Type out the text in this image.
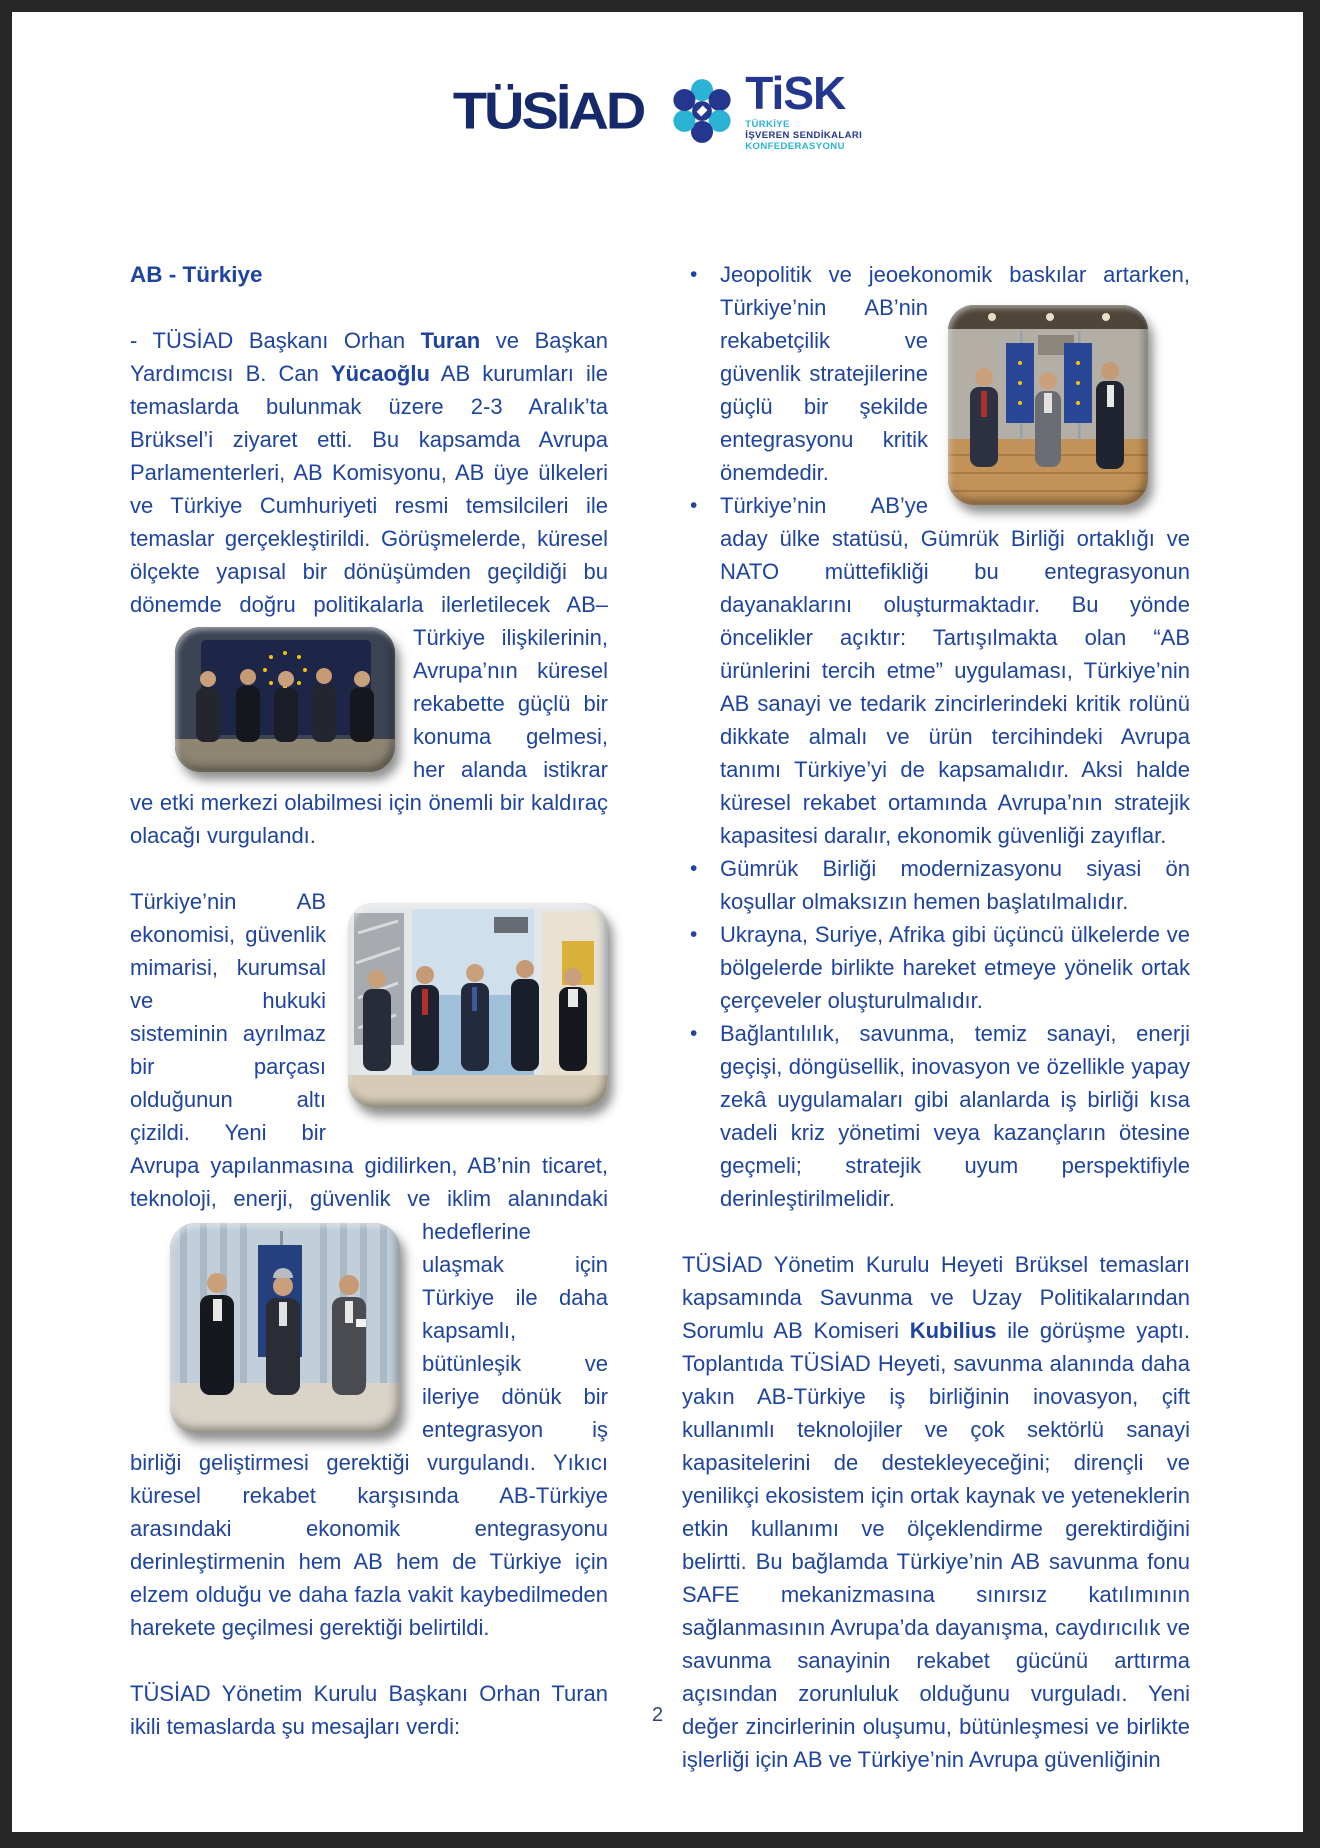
TÜSİAD TiSK
TÜRKİYE
İŞVEREN SENDİKALARI
KONFEDERASYONU
AB - Türkiye

- TÜSİAD Başkanı Orhan Turan ve Başkan Yardımcısı B. Can Yücaoğlu AB kurumları ile temaslarda bulunmak üzere 2-3 Aralık’ta Brüksel’i ziyaret etti. Bu kapsamda Avrupa Parlamenterleri, AB Komisyonu, AB üye ülkeleri ve Türkiye Cumhuriyeti resmi temsilcileri ile temaslar gerçekleştirildi. Görüşmelerde, küresel ölçekte yapısal bir dönüşümden geçildiği bu dönemde doğru politikalarla ilerletilecek AB–Türkiye ilişkilerinin,
Avrupa’nın küresel rekabette güçlü bir konuma gelmesi, her alanda istikrar ve etki merkezi olabilmesi için önemli bir kaldıraç olacağı vurgulandı.

Türkiye’nin AB ekonomisi, güvenlik mimarisi, kurumsal ve hukuki sisteminin ayrılmaz bir parçası olduğunun altı çizildi. Yeni bir Avrupa yapılanmasına gidilirken, AB’nin ticaret, teknoloji, enerji, güvenlik ve iklim alanındaki hedeflerine
ulaşmak için Türkiye ile daha kapsamlı, bütünleşik ve ileriye dönük bir entegrasyon iş birliği geliştirmesi gerektiği vurgulandı. Yıkıcı küresel rekabet karşısında AB-Türkiye arasındaki ekonomik entegrasyonu derinleştirmenin hem AB hem de Türkiye için elzem olduğu ve daha fazla vakit kaybedilmeden harekete geçilmesi gerektiği belirtildi.

TÜSİAD Yönetim Kurulu Başkanı Orhan Turan ikili temaslarda şu mesajları verdi:

• Jeopolitik ve jeoekonomik baskılar artarken,
Türkiye’nin AB’nin rekabetçilik ve güvenlik stratejilerine güçlü bir şekilde entegrasyonu kritik önemdedir.
• Türkiye’nin AB’ye aday ülke statüsü, Gümrük Birliği ortaklığı ve NATO müttefikliği bu entegrasyonun dayanaklarını oluşturmaktadır. Bu yönde öncelikler açıktır: Tartışılmakta olan “AB ürünlerini tercih etme” uygulaması, Türkiye’nin AB sanayi ve tedarik zincirlerindeki kritik rolünü dikkate almalı ve ürün tercihindeki Avrupa tanımı Türkiye’yi de kapsamalıdır. Aksi halde küresel rekabet ortamında Avrupa’nın stratejik kapasitesi daralır, ekonomik güvenliği zayıflar.
• Gümrük Birliği modernizasyonu siyasi ön koşullar olmaksızın hemen başlatılmalıdır.
• Ukrayna, Suriye, Afrika gibi üçüncü ülkelerde ve bölgelerde birlikte hareket etmeye yönelik ortak çerçeveler oluşturulmalıdır.
• Bağlantılılık, savunma, temiz sanayi, enerji geçişi, döngüsellik, inovasyon ve özellikle yapay zekâ uygulamaları gibi alanlarda iş birliği kısa vadeli kriz yönetimi veya kazançların ötesine geçmeli; stratejik uyum perspektifiyle derinleştirilmelidir.

TÜSİAD Yönetim Kurulu Heyeti Brüksel temasları kapsamında Savunma ve Uzay Politikalarından Sorumlu AB Komiseri Kubilius ile görüşme yaptı. Toplantıda TÜSİAD Heyeti, savunma alanında daha yakın AB-Türkiye iş birliğinin inovasyon, çift kullanımlı teknolojiler ve çok sektörlü sanayi kapasitelerini de destekleyeceğini; dirençli ve yenilikçi ekosistem için ortak kaynak ve yeteneklerin etkin kullanımı ve ölçeklendirme gerektirdiğini belirtti. Bu bağlamda Türkiye’nin AB savunma fonu SAFE mekanizmasına sınırsız katılımının sağlanmasının Avrupa’da dayanışma, caydırıcılık ve savunma sanayinin rekabet gücünü arttırma açısından zorunluluk olduğunu vurguladı. Yeni değer zincirlerinin oluşumu, bütünleşmesi ve birlikte işlerliği için AB ve Türkiye’nin Avrupa güvenliğinin

2
